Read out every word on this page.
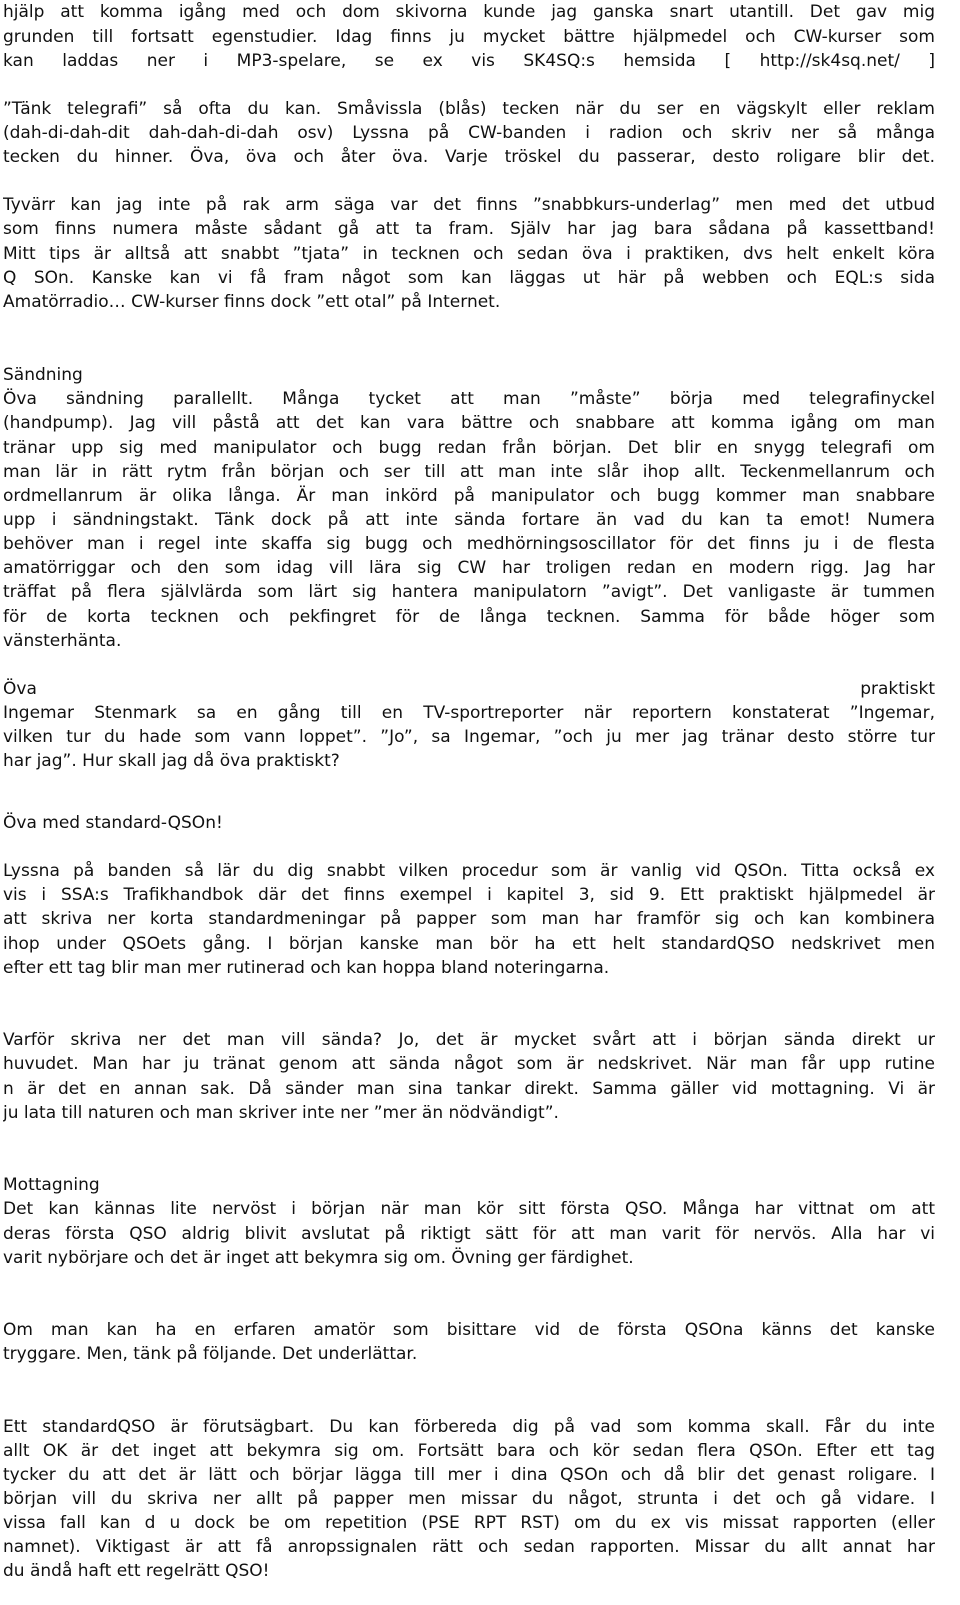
hjälp att komma igång med och dom skivorna kunde jag ganska snart utantill. Det gav mig
grunden till fortsatt egenstudier. Idag finns ju mycket bättre hjälpmedel och CW-kurser som
kan laddas ner i MP3-spelare, se ex vis SK4SQ:s hemsida [ http://sk4sq.net/ ]
”Tänk telegrafi” så ofta du kan. Småvissla (blås) tecken när du ser en vägskylt eller reklam
(dah-di-dah-dit dah-dah-di-dah osv) Lyssna på CW-banden i radion och skriv ner så många
tecken du hinner. Öva, öva och åter öva. Varje tröskel du passerar, desto roligare blir det.
Tyvärr kan jag inte på rak arm säga var det finns ”snabbkurs-underlag” men med det utbud
som finns numera måste sådant gå att ta fram. Själv har jag bara sådana på kassettband!
Mitt tips är alltså att snabbt ”tjata” in tecknen och sedan öva i praktiken, dvs helt enkelt köra
Q SOn. Kanske kan vi få fram något som kan läggas ut här på webben och EQL:s sida
Amatörradio… CW-kurser finns dock ”ett otal” på Internet.
Sändning
Öva sändning parallellt. Många tycket att man ”måste” börja med telegrafinyckel
(handpump). Jag vill påstå att det kan vara bättre och snabbare att komma igång om man
tränar upp sig med manipulator och bugg redan från början. Det blir en snygg telegrafi om
man lär in rätt rytm från början och ser till att man inte slår ihop allt. Teckenmellanrum och
ordmellanrum är olika långa. Är man inkörd på manipulator och bugg kommer man snabbare
upp i sändningstakt. Tänk dock på att inte sända fortare än vad du kan ta emot! Numera
behöver man i regel inte skaffa sig bugg och medhörningsoscillator för det finns ju i de flesta
amatörriggar och den som idag vill lära sig CW har troligen redan en modern rigg. Jag har
träffat på flera självlärda som lärt sig hantera manipulatorn ”avigt”. Det vanligaste är tummen
för de korta tecknen och pekfingret för de långa tecknen. Samma för både höger som
vänsterhänta.
Öva praktiskt
Ingemar Stenmark sa en gång till en TV-sportreporter när reportern konstaterat ”Ingemar,
vilken tur du hade som vann loppet”. ”Jo”, sa Ingemar, ”och ju mer jag tränar desto större tur
har jag”. Hur skall jag då öva praktiskt?
Öva med standard-QSOn!
Lyssna på banden så lär du dig snabbt vilken procedur som är vanlig vid QSOn. Titta också ex
vis i SSA:s Trafikhandbok där det finns exempel i kapitel 3, sid 9. Ett praktiskt hjälpmedel är
att skriva ner korta standardmeningar på papper som man har framför sig och kan kombinera
ihop under QSOets gång. I början kanske man bör ha ett helt standardQSO nedskrivet men
efter ett tag blir man mer rutinerad och kan hoppa bland noteringarna.
Varför skriva ner det man vill sända? Jo, det är mycket svårt att i början sända direkt ur
huvudet. Man har ju tränat genom att sända något som är nedskrivet. När man får upp rutine
n är det en annan sak. Då sänder man sina tankar direkt. Samma gäller vid mottagning. Vi är
ju lata till naturen och man skriver inte ner ”mer än nödvändigt”.
Mottagning
Det kan kännas lite nervöst i början när man kör sitt första QSO. Många har vittnat om att
deras första QSO aldrig blivit avslutat på riktigt sätt för att man varit för nervös. Alla har vi
varit nybörjare och det är inget att bekymra sig om. Övning ger färdighet.
Om man kan ha en erfaren amatör som bisittare vid de första QSOna känns det kanske
tryggare. Men, tänk på följande. Det underlättar.
Ett standardQSO är förutsägbart. Du kan förbereda dig på vad som komma skall. Får du inte
allt OK är det inget att bekymra sig om. Fortsätt bara och kör sedan flera QSOn. Efter ett tag
tycker du att det är lätt och börjar lägga till mer i dina QSOn och då blir det genast roligare. I
början vill du skriva ner allt på papper men missar du något, strunta i det och gå vidare. I
vissa fall kan d u dock be om repetition (PSE RPT RST) om du ex vis missat rapporten (eller
namnet). Viktigast är att få anropssignalen rätt och sedan rapporten. Missar du allt annat har
du ändå haft ett regelrätt QSO!
